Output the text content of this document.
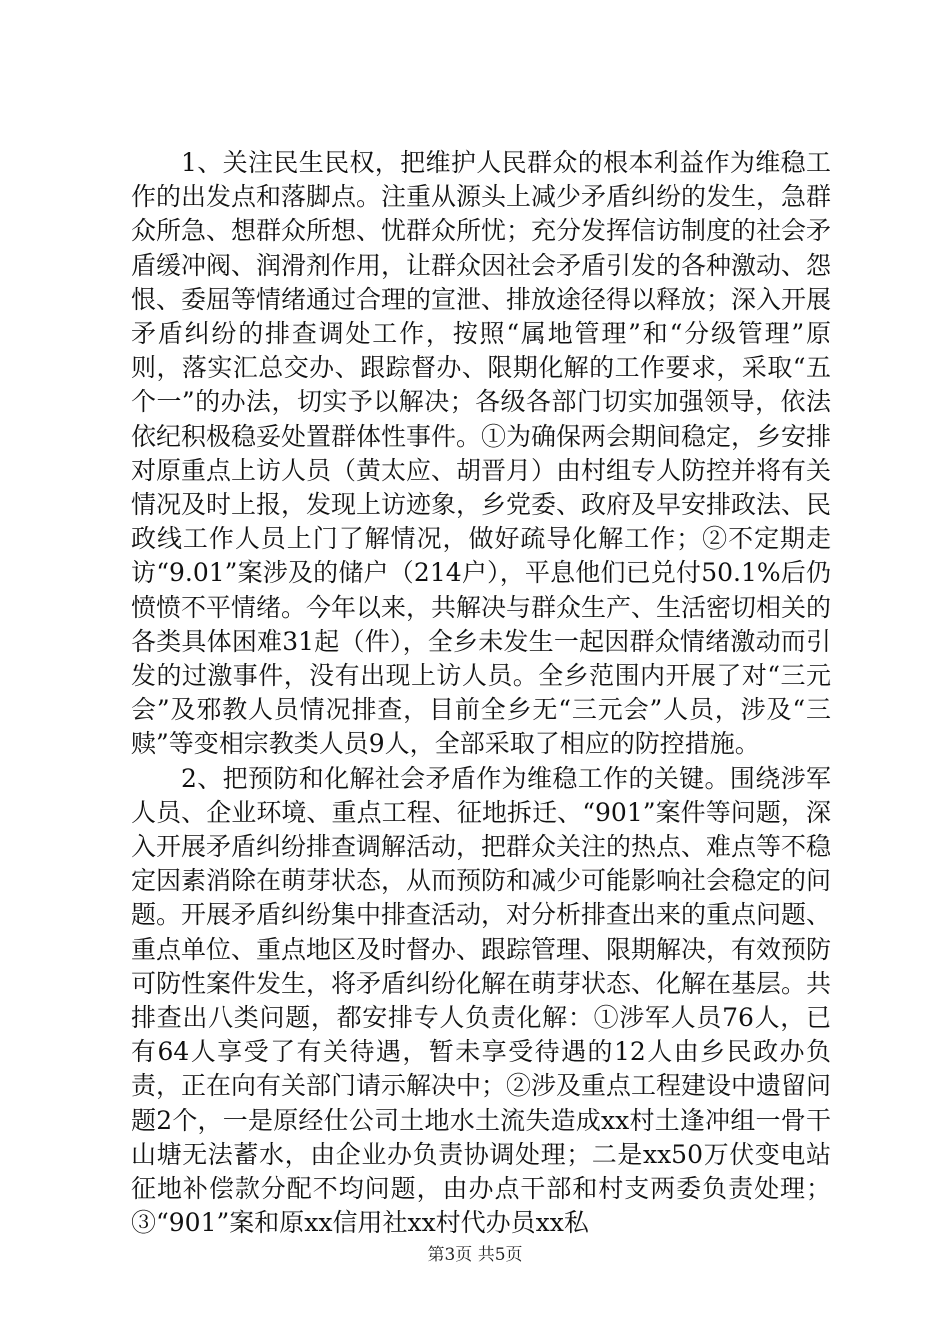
1、关注民生民权，把维护人民群众的根本利益作为维稳工作的出发点和落脚点。注重从源头上减少矛盾纠纷的发生，急群众所急、想群众所想、忧群众所忧；充分发挥信访制度的社会矛盾缓冲阀、润滑剂作用，让群众因社会矛盾引发的各种激动、怨恨、委屈等情绪通过合理的宣泄、排放途径得以释放；深入开展矛盾纠纷的排查调处工作，按照“属地管理”和“分级管理”原则，落实汇总交办、跟踪督办、限期化解的工作要求，采取“五个一”的办法，切实予以解决；各级各部门切实加强领导，依法依纪积极稳妥处置群体性事件。①为确保两会期间稳定，乡安排对原重点上访人员（黄太应、胡晋月）由村组专人防控并将有关情况及时上报，发现上访迹象，乡党委、政府及早安排政法、民政线工作人员上门了解情况，做好疏导化解工作；②不定期走访“9.01”案涉及的储户（214户），平息他们已兑付50.1%后仍愤愤不平情绪。今年以来，共解决与群众生产、生活密切相关的各类具体困难31起（件），全乡未发生一起因群众情绪激动而引发的过激事件，没有出现上访人员。全乡范围内开展了对“三元会”及邪教人员情况排查，目前全乡无“三元会”人员，涉及“三赎”等变相宗教类人员9人，全部采取了相应的防控措施。

2、把预防和化解社会矛盾作为维稳工作的关键。围绕涉军人员、企业环境、重点工程、征地拆迁、“901”案件等问题，深入开展矛盾纠纷排查调解活动，把群众关注的热点、难点等不稳定因素消除在萌芽状态，从而预防和减少可能影响社会稳定的问题。开展矛盾纠纷集中排查活动，对分析排查出来的重点问题、重点单位、重点地区及时督办、跟踪管理、限期解决，有效预防可防性案件发生，将矛盾纠纷化解在萌芽状态、化解在基层。共排查出八类问题，都安排专人负责化解：①涉军人员76人，已有64人享受了有关待遇，暂未享受待遇的12人由乡民政办负责，正在向有关部门请示解决中；②涉及重点工程建设中遗留问题2个，一是原经仕公司土地水土流失造成xx村土逢冲组一骨干山塘无法蓄水，由企业办负责协调处理；二是xx50万伏变电站征地补偿款分配不均问题，由办点干部和村支两委负责处理；③“901”案和原xx信用社xx村代办员xx私

第3页 共5页
